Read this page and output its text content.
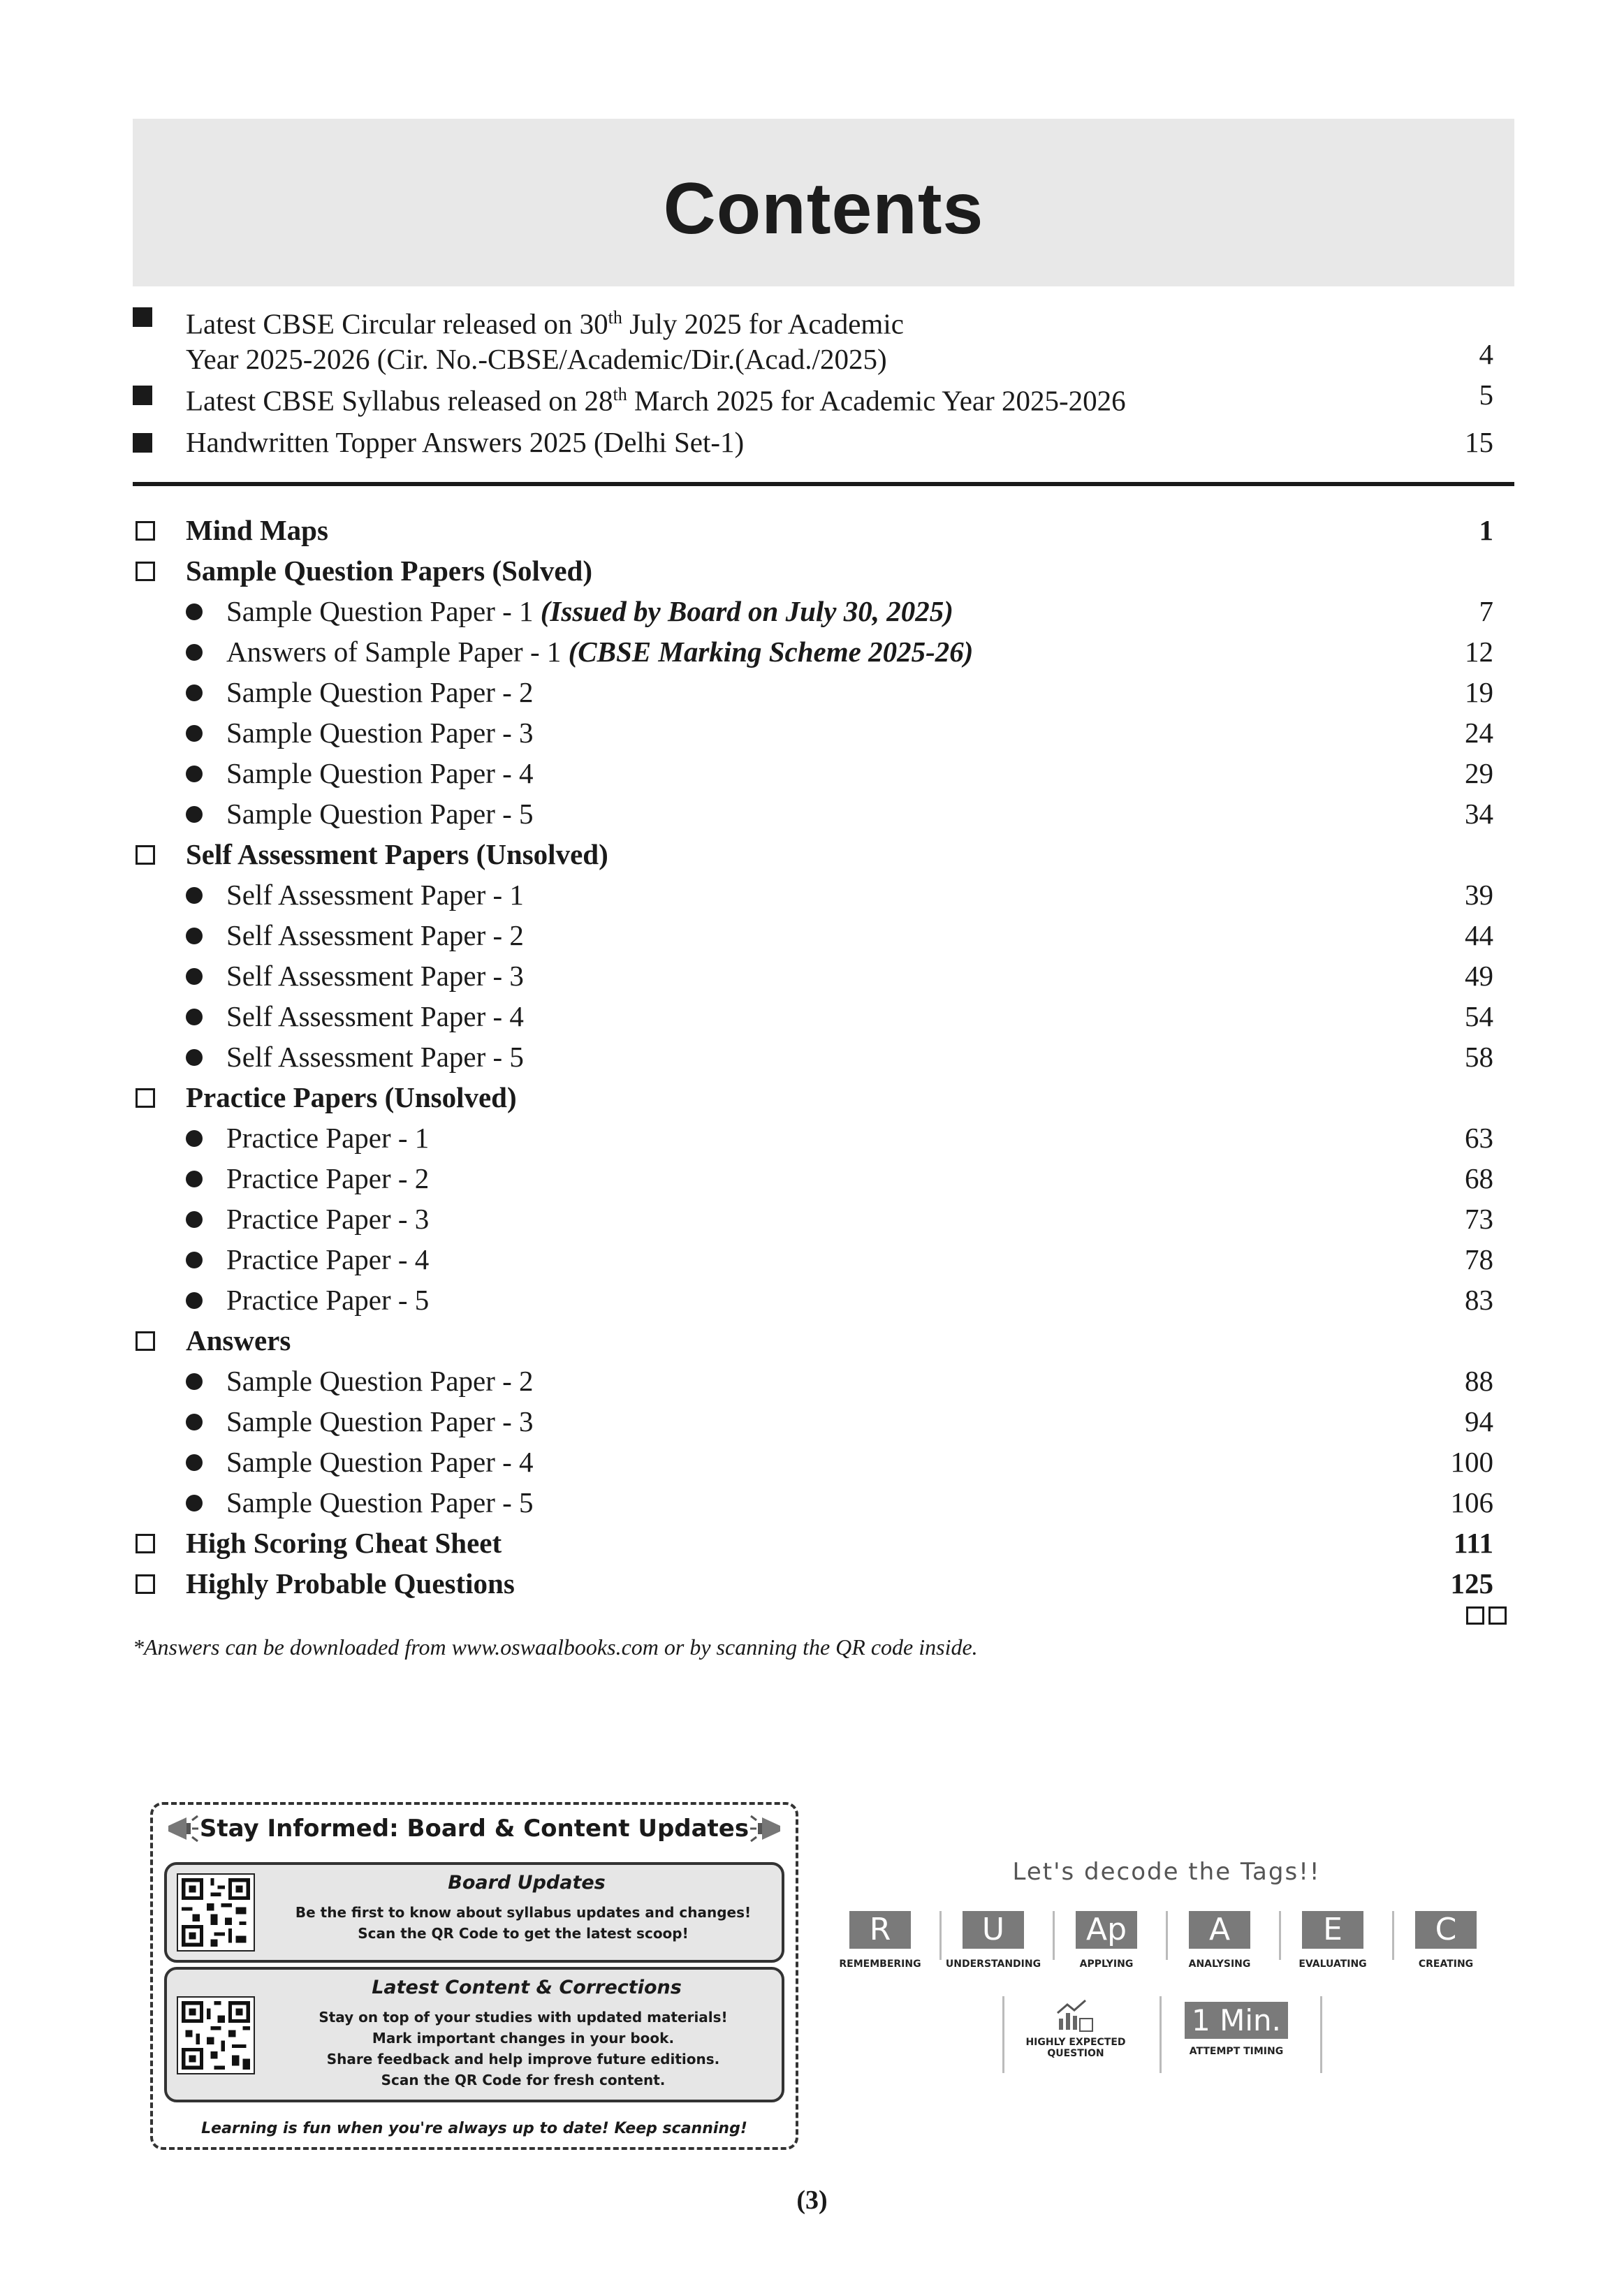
Contents
Latest CBSE Circular released on 30th July 2025 for Academic
Year 2025-2026 (Cir. No.-CBSE/Academic/Dir.(Acad./2025)	4
Latest CBSE Syllabus released on 28th March 2025 for Academic Year 2025-2026	5
Handwritten Topper Answers 2025 (Delhi Set-1)	15
Mind Maps	1
Sample Question Papers (Solved)
Sample Question Paper - 1 (Issued by Board on July 30, 2025)	7
Answers of Sample Paper - 1 (CBSE Marking Scheme 2025-26)	12
Sample Question Paper - 2	19
Sample Question Paper - 3	24
Sample Question Paper - 4	29
Sample Question Paper - 5	34
Self Assessment Papers (Unsolved)
Self Assessment Paper - 1	39
Self Assessment Paper - 2	44
Self Assessment Paper - 3	49
Self Assessment Paper - 4	54
Self Assessment Paper - 5	58
Practice Papers (Unsolved)
Practice Paper - 1	63
Practice Paper - 2	68
Practice Paper - 3	73
Practice Paper - 4	78
Practice Paper - 5	83
Answers
Sample Question Paper - 2	88
Sample Question Paper - 3	94
Sample Question Paper - 4	100
Sample Question Paper - 5	106
High Scoring Cheat Sheet	111
Highly Probable Questions	125
*Answers can be downloaded from www.oswaalbooks.com or by scanning the QR code inside.
Stay Informed: Board & Content Updates
Board Updates
Be the first to know about syllabus updates and changes!
Scan the QR Code to get the latest scoop!
Latest Content & Corrections
Stay on top of your studies with updated materials!
Mark important changes in your book.
Share feedback and help improve future editions.
Scan the QR Code for fresh content.
Learning is fun when you're always up to date! Keep scanning!
Let's decode the Tags!!
R
REMEMBERING
U
UNDERSTANDING
Ap
APPLYING
A
ANALYSING
E
EVALUATING
C
CREATING
HIGHLY EXPECTED QUESTION
1 Min.
ATTEMPT TIMING
(3)
